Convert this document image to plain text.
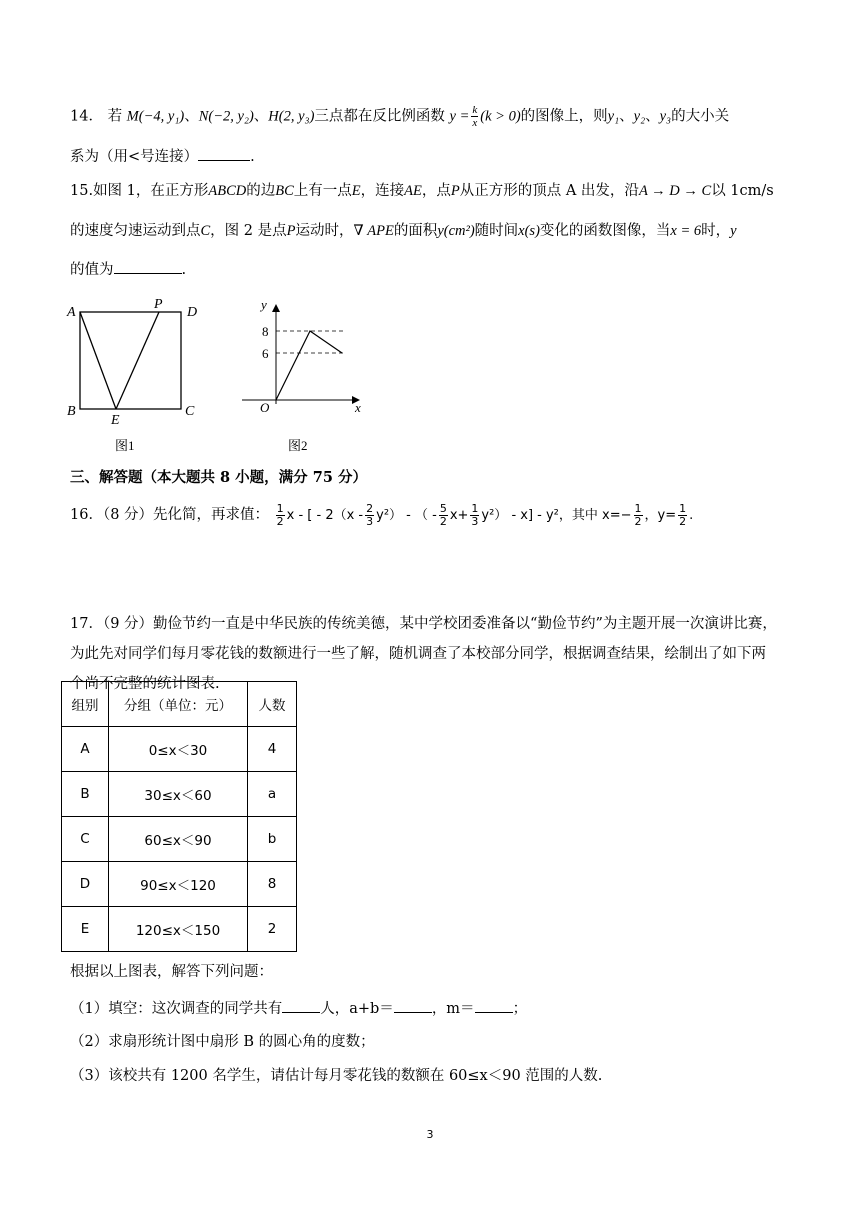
14． 若 M(−4, y₁)、N(−2, y₂)、H(2, y₃)三点都在反比例函数 $y = \frac{k}{x} (k > 0)$的图像上，则y₁、y₂、y₃的大小关
系为（用<号连接）	.
15.如图 1，在正方形ABCD的边BC上有一点E，连接AE，点P从正方形的顶点 A 出发，沿A → D → C以 1cm/s
的速度匀速运动到点C，图 2 是点P运动时，∇ APE的面积y(cm²)随时间x(s)变化的函数图像，当x = 6时，y
的值为	.
A
P
D
B
E
C
图1
y
x
O
8
6
图2
三、解答题（本大题共 8 小题，满分 75 分）
16．（8 分）先化简，再求值： $\frac{1}{2}$ x - [ - $2(x - \frac{2}{3} y^2)$ - （ - $\frac{5}{2} x+ \frac{1}{3} y^2) - x] - y^2$，其中 $x=- \frac{1}{2}$ ，$y= \frac{1}{2}$ .
17．（9 分）勤俭节约一直是中华民族的传统美德，某中学校团委准备以“勤俭节约”为主题开展一次演讲比赛，
为此先对同学们每月零花钱的数额进行一些了解，随机调查了本校部分同学，根据调查结果，绘制出了如下两
个尚不完整的统计图表.
组别	分组（单位：元）	人数
A	0≤x＜30	4
B	30≤x＜60	a
C	60≤x＜90	b
D	90≤x＜120	8
E	120≤x＜150	2
根据以上图表，解答下列问题：
（1）填空：这次调查的同学共有	人，a+b＝	，m＝	；
（2）求扇形统计图中扇形 B 的圆心角的度数；
（3）该校共有 1200 名学生，请估计每月零花钱的数额在 60≤x＜90 范围的人数.
3
